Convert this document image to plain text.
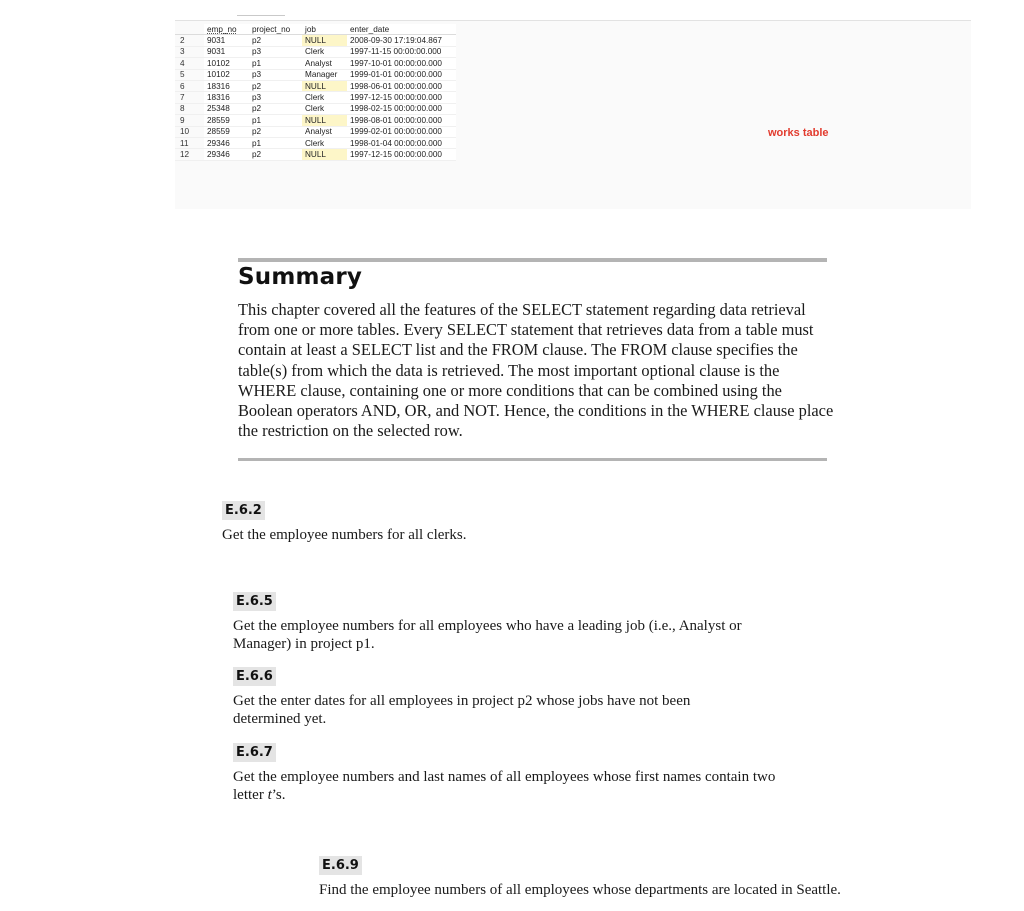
	emp_no	project_no	job	enter_date
2	9031	p2	NULL	2008-09-30 17:19:04.867
3	9031	p3	Clerk	1997-11-15 00:00:00.000
4	10102	p1	Analyst	1997-10-01 00:00:00.000
5	10102	p3	Manager	1999-01-01 00:00:00.000
6	18316	p2	NULL	1998-06-01 00:00:00.000
7	18316	p3	Clerk	1997-12-15 00:00:00.000
8	25348	p2	Clerk	1998-02-15 00:00:00.000
9	28559	p1	NULL	1998-08-01 00:00:00.000
10	28559	p2	Analyst	1999-02-01 00:00:00.000
11	29346	p1	Clerk	1998-01-04 00:00:00.000
12	29346	p2	NULL	1997-12-15 00:00:00.000
works table
Summary

This chapter covered all the features of the SELECT statement regarding data retrieval from one or more tables. Every SELECT statement that retrieves data from a table must contain at least a SELECT list and the FROM clause. The FROM clause specifies the table(s) from which the data is retrieved. The most important optional clause is the WHERE clause, containing one or more conditions that can be combined using the Boolean operators AND, OR, and NOT. Hence, the conditions in the WHERE clause place the restriction on the selected row.

E.6.2

Get the employee numbers for all clerks.

E.6.5

Get the employee numbers for all employees who have a leading job (i.e., Analyst or Manager) in project p1.

E.6.6

Get the enter dates for all employees in project p2 whose jobs have not been determined yet.

E.6.7

Get the employee numbers and last names of all employees whose first names contain two letter t’s.

E.6.9

Find the employee numbers of all employees whose departments are located in Seattle.
